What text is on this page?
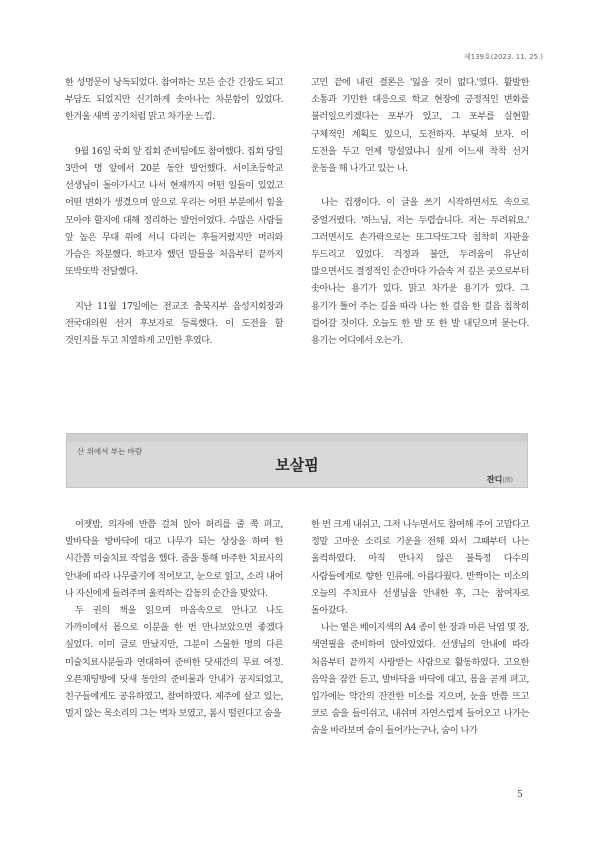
제139호(2023. 11. 25.)

한 성명문이 낭독되었다. 참여하는 모든 순간 긴장도 되고 부담도 되었지만 신기하게 솟아나는 차분함이 있었다. 한겨울 새벽 공기처럼 맑고 차가운 느낌.

9월 16일 국회 앞 집회 준비팀에도 참여했다. 집회 당일 3만여 명 앞에서 20분 동안 발언했다. 서이초등학교 선생님이 돌아가시고 나서 현재까지 어떤 일들이 있었고 어떤 변화가 생겼으며 앞으로 우리는 어떤 부분에서 힘을 모아야 할지에 대해 정리하는 발언이었다. 수많은 사람들 앞 높은 무대 위에 서니 다리는 후들거렸지만 머리와 가슴은 차분했다. 하고자 했던 말들을 처음부터 끝까지 또박또박 전달했다.

지난 11월 17일에는 전교조 충북지부 음성지회장과 전국대의원 선거 후보자로 등록했다. 이 도전을 할 것인지를 두고 치열하게 고민한 후였다.

고민 끝에 내린 결론은 '잃을 것이 없다.'였다. 활발한 소통과 기민한 대응으로 학교 현장에 긍정적인 변화를 불러일으키겠다는 포부가 있고, 그 포부를 실현할 구체적인 계획도 있으니, 도전하자. 부딪쳐 보자. 이 도전을 두고 언제 망설였냐니 싶게 어느새 착착 선거 운동을 해 나가고 있는 나.

나는 겁쟁이다. 이 글을 쓰기 시작하면서도 속으로 중얼거렸다. '하느님, 저는 두렵습니다. 저는 두려워요.' 그러면서도 손가락으로는 또그닥또그닥 침착히 자판을 두드리고 있었다. 걱정과 불안, 두려움이 유난히 많으면서도 결정적인 순간마다 가슴속 저 깊은 곳으로부터 솟아나는 용기가 있다. 맑고 차가운 용기가 있다. 그 용기가 틀어 주는 길을 따라 나는 한 걸음 한 걸음 침착히 걸어갈 것이다. 오늘도 한 발 또 한 발 내딛으며 묻는다. 용기는 어디에서 오는가.

산 위에서 부는 바람
보살핌
잔디(別)

어젯밤, 의자에 반쯤 걸쳐 앉아 허리를 줄 쭉 펴고, 발바닥을 방바닥에 대고 나무가 되는 상상을 하며 한 시간쯤 미술치료 작업을 했다. 줌을 통해 마주한 치료사의 안내에 따라 나무줄기에 적어보고, 눈으로 읽고, 소리 내어 나 자신에게 들려주며 울컥하는 감동의 순간을 맞았다.

두 권의 책을 읽으며 마음속으로 만나고 나도 가까이에서 몸으로 이분을 한 번 만나보았으면 좋겠다 싶었다. 이미 글로 만났지만, 그분이 스물한 명의 다른 미술치료사분들과 연대하여 준비한 닷새간의 무료 여정. 오픈채팅방에 닷새 동안의 준비물과 안내가 공지되었고, 친구들에게도 공유하였고, 참여하였다. 제주에 살고 있는, 멀지 않는 목소리의 그는 벽차 보였고, 봄시 떨린다고 숨을

한 번 크게 내쉬고, 그저 나누면서도 참여해 주어 고맙다고 정말 고마운 소리로 기운을 전해 와서 그때부터 나는 울컥하였다. 아직 만나지 않은 불특정 다수의 사람들에게로 향한 인류애. 아름다웠다. 반짝이는 미소의 오늘의 주치료사 선생님을 안내한 후, 그는 참여자로 돌아갔다.

나는 옅은 베이지색의 A4 종이 한 장과 마른 낙엽 몇 장, 색연필을 준비하여 앉아있었다. 선생님의 안내에 따라 처음부터 끝까지 사랑받는 사람으로 활동하였다. 고요한 음악을 잠깐 듣고, 발바닥을 바닥에 대고, 몸을 곧게 펴고, 입가에는 약간의 잔잔한 미소를 지으며, 눈을 반쯤 뜨고 코로 숨을 들이쉬고, 내쉬며 자연스럽게 들어오고 나가는 숨을 바라보며 숨이 들어가는구나, 숨이 나가

5
